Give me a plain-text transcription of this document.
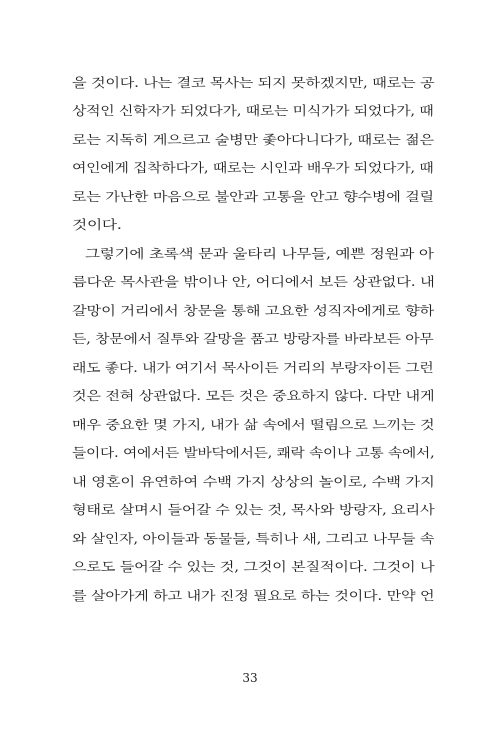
을 것이다. 나는 결코 목사는 되지 못하겠지만, 때로는 공
상적인 신학자가 되었다가, 때로는 미식가가 되었다가, 때
로는 지독히 게으르고 술병만 좇아다니다가, 때로는 젊은
여인에게 집착하다가, 때로는 시인과 배우가 되었다가, 때
로는 가난한 마음으로 불안과 고통을 안고 향수병에 걸릴
것이다.
그렇기에 초록색 문과 울타리 나무들, 예쁜 정원과 아
름다운 목사관을 밖이나 안, 어디에서 보든 상관없다. 내
갈망이 거리에서 창문을 통해 고요한 성직자에게로 향하
든, 창문에서 질투와 갈망을 품고 방랑자를 바라보든 아무
래도 좋다. 내가 여기서 목사이든 거리의 부랑자이든 그런
것은 전혀 상관없다. 모든 것은 중요하지 않다. 다만 내게
매우 중요한 몇 가지, 내가 삶 속에서 떨림으로 느끼는 것
들이다. 여에서든 발바닥에서든, 쾌락 속이나 고통 속에서,
내 영혼이 유연하여 수백 가지 상상의 놀이로, 수백 가지
형태로 살며시 들어갈 수 있는 것, 목사와 방랑자, 요리사
와 살인자, 아이들과 동물들, 특히나 새, 그리고 나무들 속
으로도 들어갈 수 있는 것, 그것이 본질적이다. 그것이 나
를 살아가게 하고 내가 진정 필요로 하는 것이다. 만약 언
33
